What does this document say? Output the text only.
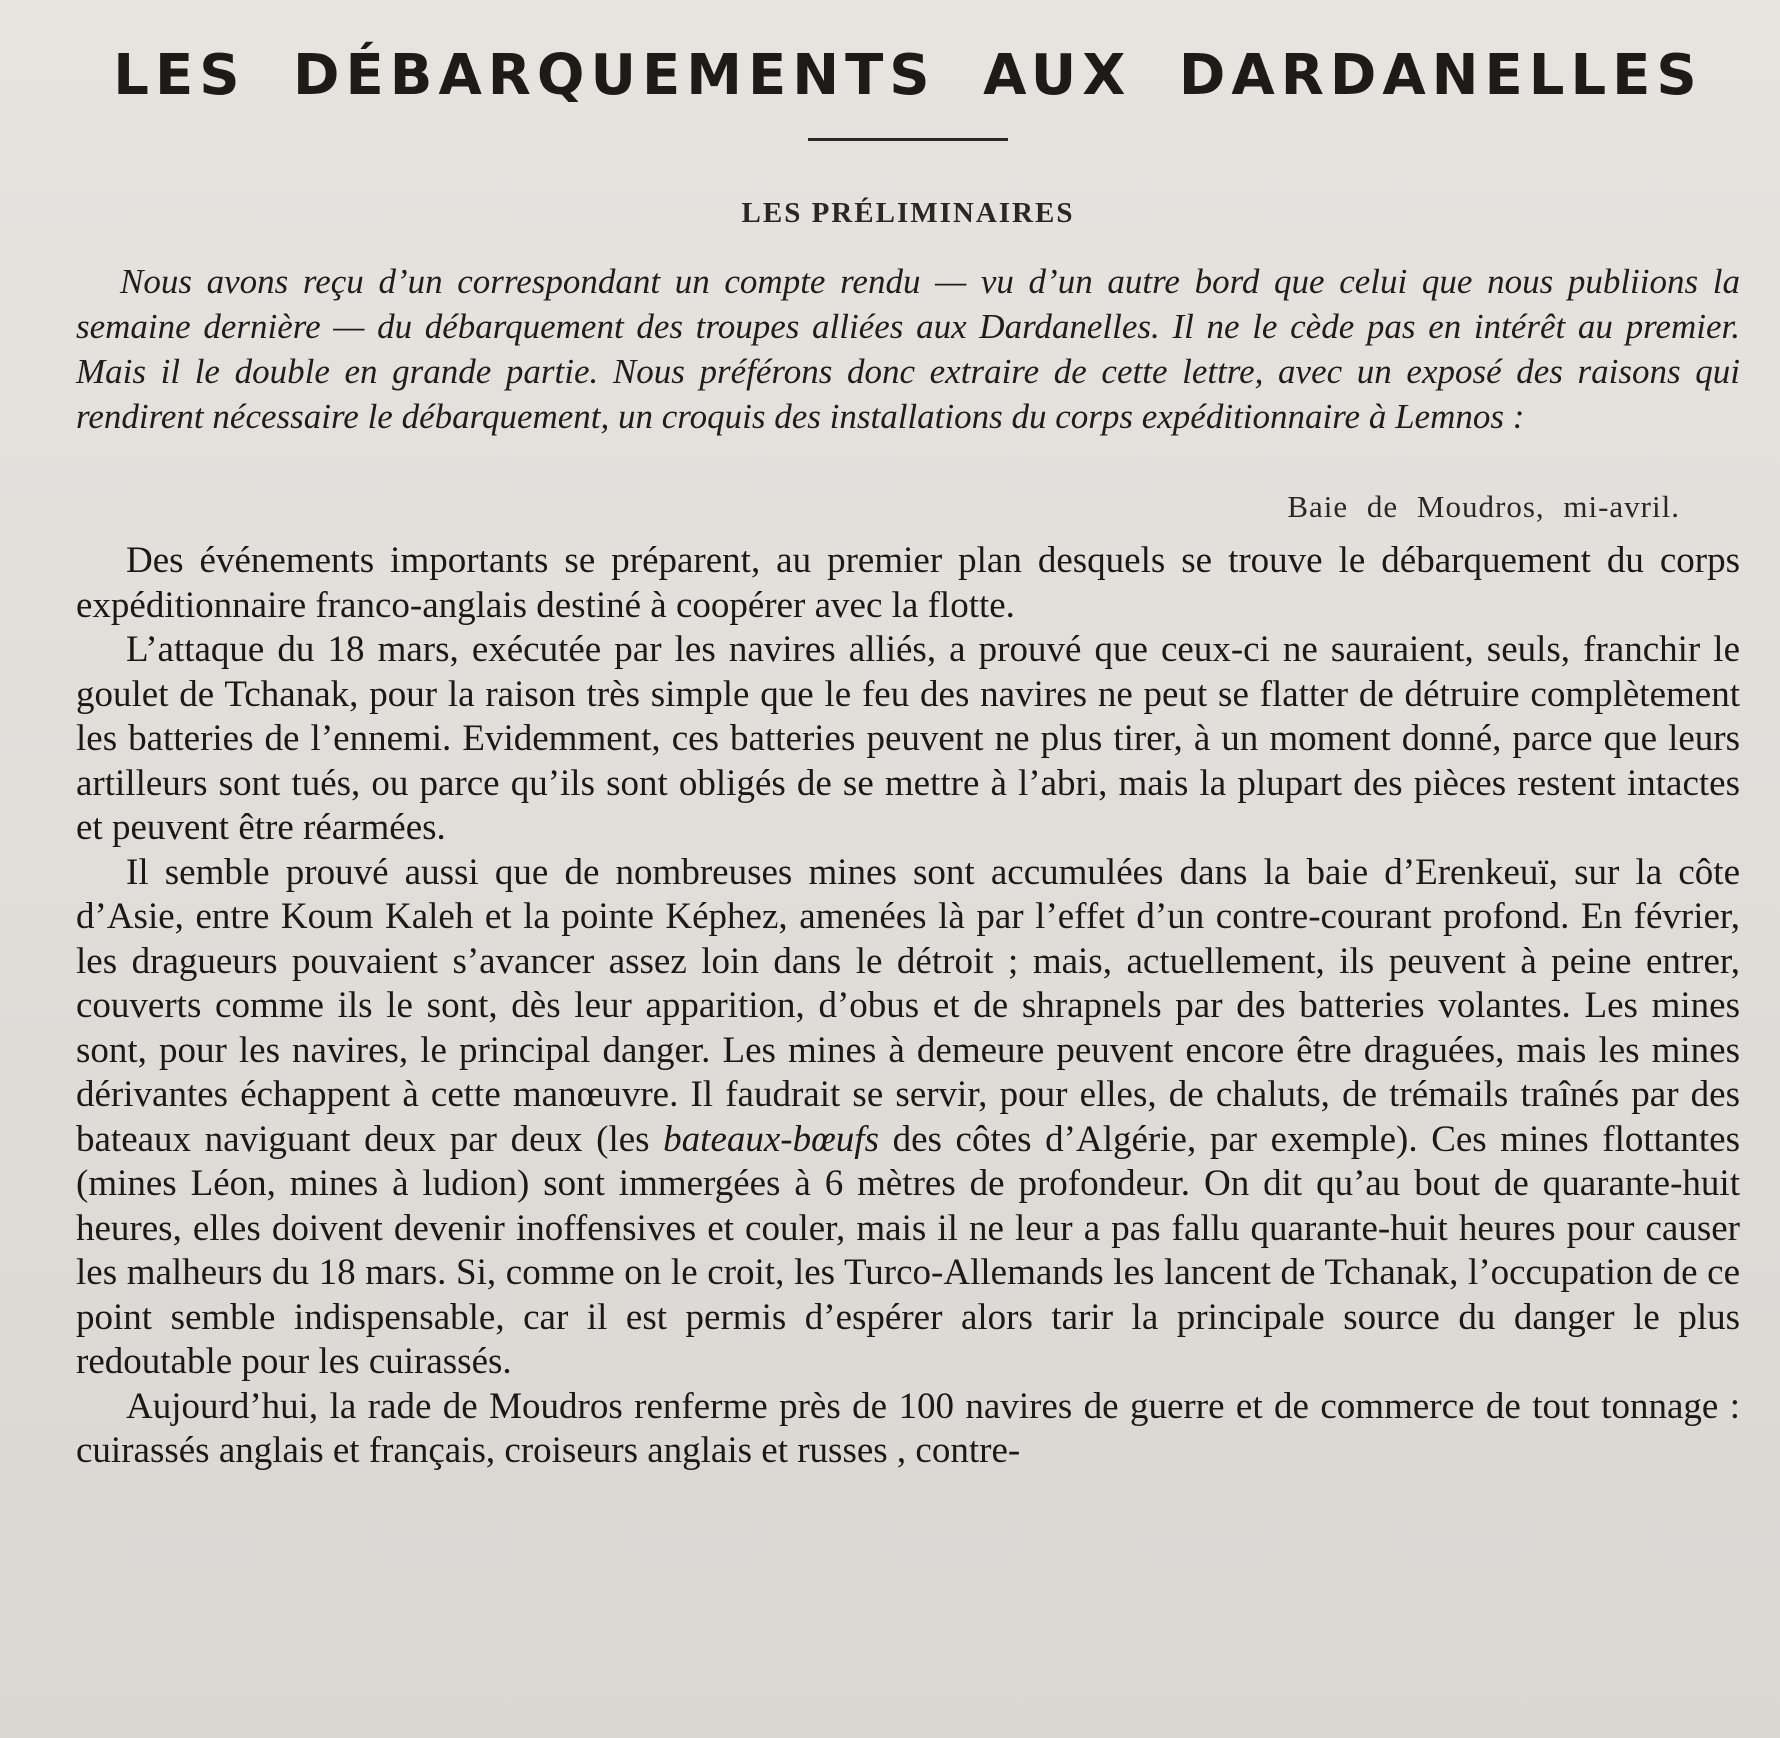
LES DÉBARQUEMENTS AUX DARDANELLES
LES PRÉLIMINAIRES

Nous avons reçu d’un correspondant un compte rendu — vu d’un autre bord que celui que nous publiions la semaine dernière — du débarquement des troupes alliées aux Dardanelles. Il ne le cède pas en intérêt au premier. Mais il le double en grande partie. Nous préférons donc extraire de cette lettre, avec un exposé des raisons qui rendirent nécessaire le débarquement, un croquis des installations du corps expéditionnaire à Lemnos :

Baie de Moudros, mi-avril.

Des événements importants se préparent, au premier plan desquels se trouve le débarquement du corps expéditionnaire franco-anglais destiné à coopérer avec la flotte.

L’attaque du 18 mars, exécutée par les navires alliés, a prouvé que ceux-ci ne sauraient, seuls, franchir le goulet de Tchanak, pour la raison très simple que le feu des navires ne peut se flatter de détruire complètement les batteries de l’ennemi. Evidemment, ces batteries peuvent ne plus tirer, à un moment donné, parce que leurs artilleurs sont tués, ou parce qu’ils sont obligés de se mettre à l’abri, mais la plupart des pièces restent intactes et peuvent être réarmées.

Il semble prouvé aussi que de nombreuses mines sont accumulées dans la baie d’Erenkeuï, sur la côte d’Asie, entre Koum Kaleh et la pointe Képhez, amenées là par l’effet d’un contre-courant profond. En février, les dragueurs pouvaient s’avancer assez loin dans le détroit ; mais, actuellement, ils peuvent à peine entrer, couverts comme ils le sont, dès leur apparition, d’obus et de shrapnels par des batteries volantes. Les mines sont, pour les navires, le principal danger. Les mines à demeure peuvent encore être draguées, mais les mines dérivantes échappent à cette manœuvre. Il faudrait se servir, pour elles, de chaluts, de trémails traînés par des bateaux naviguant deux par deux (les bateaux-bœufs des côtes d’Algérie, par exemple). Ces mines flottantes (mines Léon, mines à ludion) sont immergées à 6 mètres de profondeur. On dit qu’au bout de quarante-huit heures, elles doivent devenir inoffensives et couler, mais il ne leur a pas fallu quarante-huit heures pour causer les malheurs du 18 mars. Si, comme on le croit, les Turco-Allemands les lancent de Tchanak, l’occupation de ce point semble indispensable, car il est permis d’espérer alors tarir la principale source du danger le plus redoutable pour les cuirassés.

Aujourd’hui, la rade de Moudros renferme près de 100 navires de guerre et de commerce de tout tonnage : cuirassés anglais et français, croiseurs anglais et russes , contre-
